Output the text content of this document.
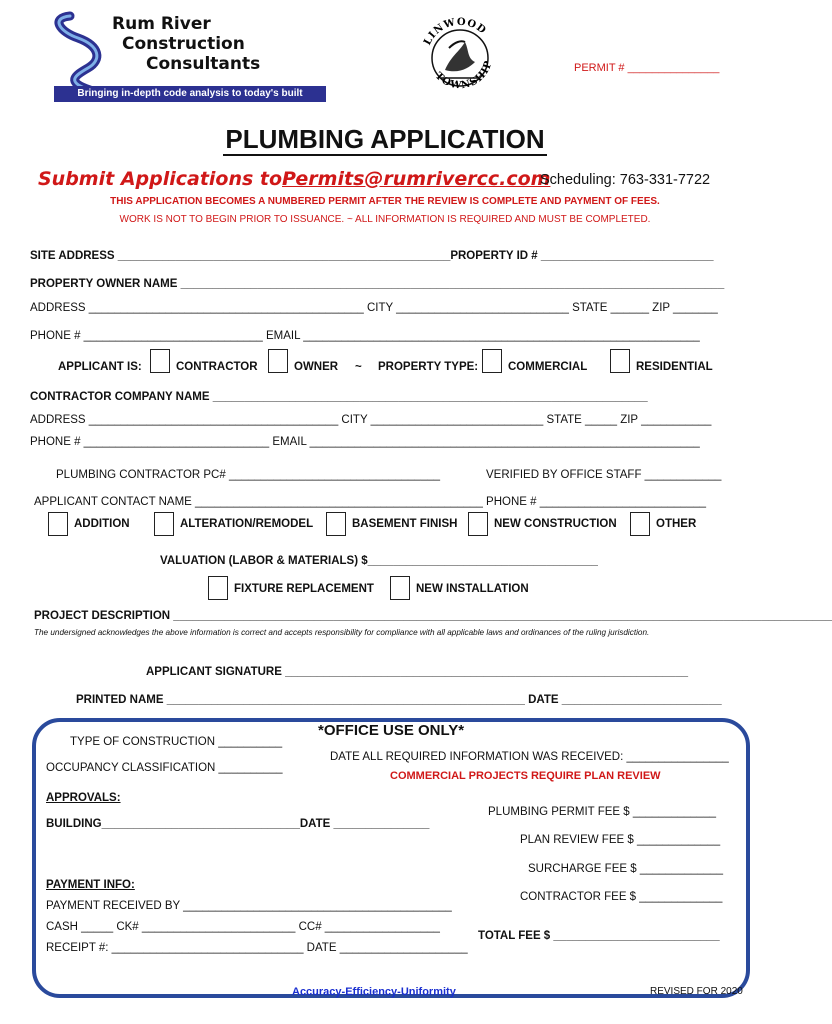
Rum River
Construction
Consultants
Bringing in-depth code analysis to today's built environment
LINWOOD
TOWNSHIP	PERMIT # _______________
PLUMBING APPLICATION
Submit Applications to:
Permits@rumrivercc.com
Scheduling: 763-331-7722
THIS APPLICATION BECOMES A NUMBERED PERMIT AFTER THE REVIEW IS COMPLETE AND PAYMENT OF FEES.
WORK IS NOT TO BEGIN PRIOR TO ISSUANCE. ~ ALL INFORMATION IS REQUIRED AND MUST BE COMPLETED.
SITE ADDRESS ____________________________________________________PROPERTY ID # ___________________________
PROPERTY OWNER NAME _____________________________________________________________________________________
ADDRESS ___________________________________________ CITY ___________________________ STATE ______ ZIP _______
PHONE # ____________________________ EMAIL ______________________________________________________________
APPLICANT IS:	CONTRACTOR	OWNER ~ PROPERTY TYPE:	COMMERCIAL	RESIDENTIAL
CONTRACTOR COMPANY NAME ____________________________________________________________________
ADDRESS _______________________________________ CITY ___________________________ STATE _____ ZIP ___________
PHONE # _____________________________ EMAIL _____________________________________________________________
PLUMBING CONTRACTOR PC# _________________________________	VERIFIED BY OFFICE STAFF ____________
APPLICANT CONTACT NAME _____________________________________________ PHONE # __________________________
ADDITION	ALTERATION/REMODEL	BASEMENT FINISH	NEW CONSTRUCTION	OTHER
VALUATION (LABOR & MATERIALS) $____________________________________
FIXTURE REPLACEMENT	NEW INSTALLATION
PROJECT DESCRIPTION _______________________________________________________________________________________________________
The undersigned acknowledges the above information is correct and accepts responsibility for compliance with all applicable laws and ordinances of the ruling jurisdiction.
APPLICANT SIGNATURE _______________________________________________________________
PRINTED NAME ________________________________________________________ DATE _________________________
*OFFICE USE ONLY*
TYPE OF CONSTRUCTION __________
OCCUPANCY CLASSIFICATION __________
DATE ALL REQUIRED INFORMATION WAS RECEIVED: ________________
COMMERCIAL PROJECTS REQUIRE PLAN REVIEW
APPROVALS:
BUILDING_______________________________DATE _______________
PLUMBING PERMIT FEE $ _____________
PLAN REVIEW FEE $ _____________
SURCHARGE FEE $ _____________
CONTRACTOR FEE $ _____________
PAYMENT INFO:
PAYMENT RECEIVED BY __________________________________________
CASH _____ CK# ________________________ CC# __________________
RECEIPT #: ______________________________ DATE ____________________
TOTAL FEE $ __________________________
Accuracy-Efficiency-Uniformity	REVISED FOR 2020
